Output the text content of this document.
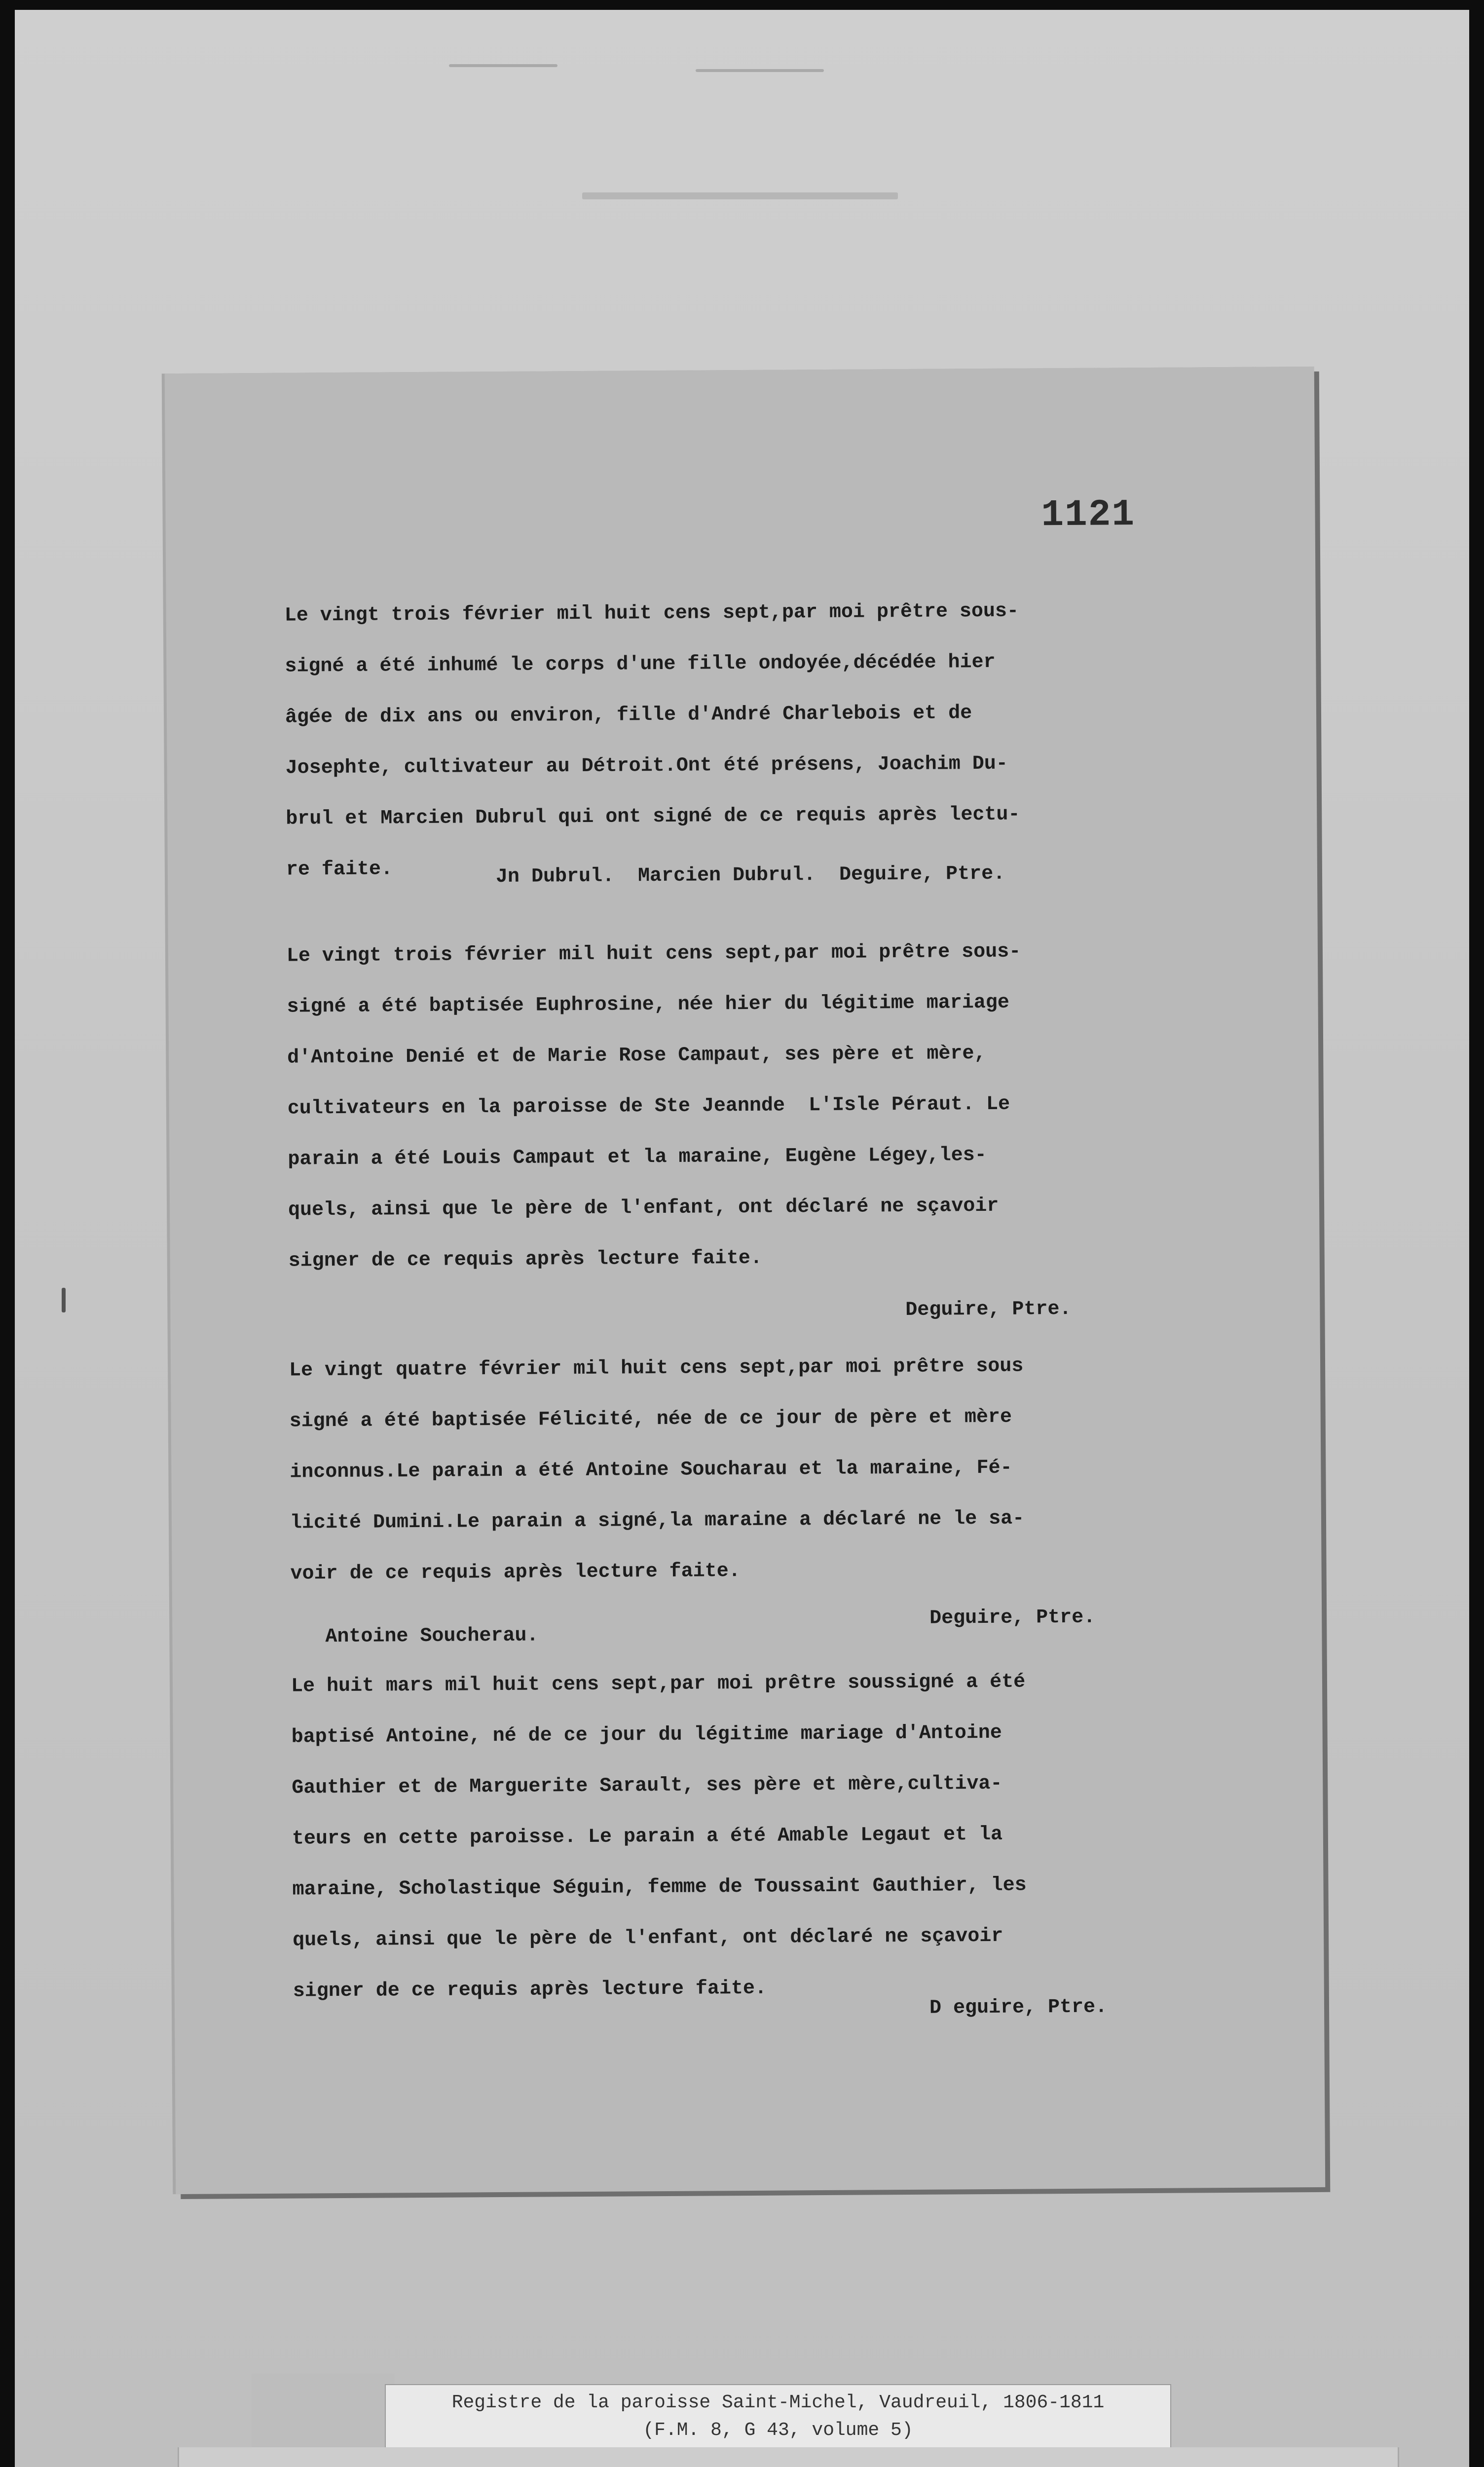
1121
Le vingt trois février mil huit cens sept,par moi prêtre sous-
signé a été inhumé le corps d'une fille ondoyée,décédée hier
âgée de dix ans ou environ, fille d'André Charlebois et de
Josephte, cultivateur au Détroit.Ont été présens, Joachim Du-
brul et Marcien Dubrul qui ont signé de ce requis après lectu-
re faite.	Jn Dubrul.  Marcien Dubrul.  Deguire, Ptre.
Le vingt trois février mil huit cens sept,par moi prêtre sous-
signé a été baptisée Euphrosine, née hier du légitime mariage
d'Antoine Denié et de Marie Rose Campaut, ses père et mère,
cultivateurs en la paroisse de Ste Jeannde  L'Isle Péraut. Le
parain a été Louis Campaut et la maraine, Eugène Légey,les-
quels, ainsi que le père de l'enfant, ont déclaré ne sçavoir
signer de ce requis après lecture faite.
Deguire, Ptre.
Le vingt quatre février mil huit cens sept,par moi prêtre sous
signé a été baptisée Félicité, née de ce jour de père et mère
inconnus.Le parain a été Antoine Soucharau et la maraine, Fé-
licité Dumini.Le parain a signé,la maraine a déclaré ne le sa-
voir de ce requis après lecture faite.
Antoine Soucherau.
Deguire, Ptre.
Le huit mars mil huit cens sept,par moi prêtre soussigné a été
baptisé Antoine, né de ce jour du légitime mariage d'Antoine
Gauthier et de Marguerite Sarault, ses père et mère,cultiva-
teurs en cette paroisse. Le parain a été Amable Legaut et la
maraine, Scholastique Séguin, femme de Toussaint Gauthier, les
quels, ainsi que le père de l'enfant, ont déclaré ne sçavoir
signer de ce requis après lecture faite.
D eguire, Ptre.
Registre de la paroisse Saint-Michel, Vaudreuil, 1806-1811
(F.M. 8, G 43, volume 5)
